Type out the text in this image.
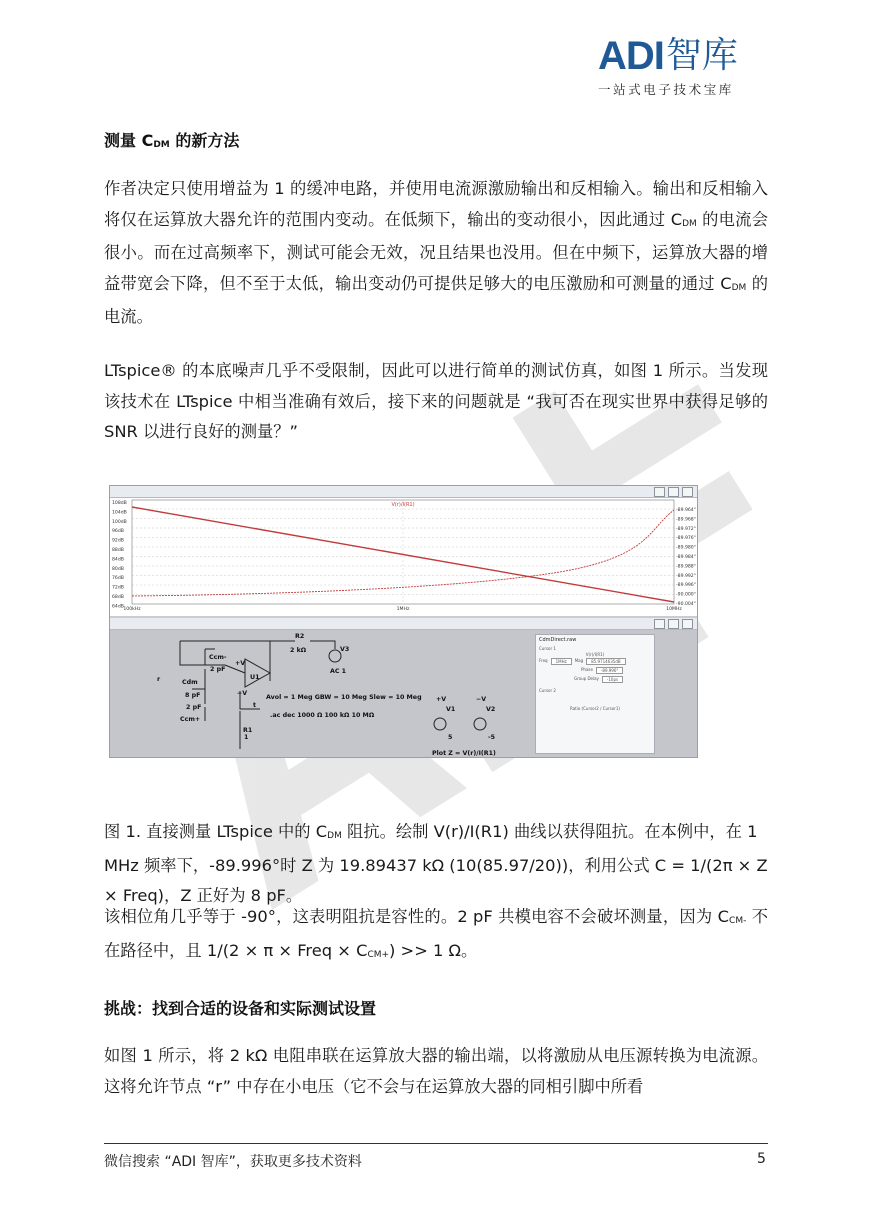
ADI 智库
一站式电子技术宝库
测量 $C_{DM}$ 的新方法

作者决定只使用增益为 1 的缓冲电路，并使用电流源激励输出和反相输入。输出和反相输入将仅在运算放大器允许的范围内变动。在低频下，输出的变动很小，因此通过 $C_{DM}$ 的电流会很小。而在过高频率下，测试可能会无效，况且结果也没用。但在中频下，运算放大器的增益带宽会下降，但不至于太低，输出变动仍可提供足够大的电压激励和可测量的通过 $C_{DM}$ 的电流。

LTspice® 的本底噪声几乎不受限制，因此可以进行简单的测试仿真，如图 1 所示。当发现该技术在 LTspice 中相当准确有效后，接下来的问题就是 “我可否在现实世界中获得足够的 SNR 以进行良好的测量？”

V(r)/I(R1)
108dB
104dB
100dB
96dB
92dB
88dB
84dB
80dB
76dB
72dB
68dB
64dB
-89.964°
-89.968°
-89.972°
-89.976°
-89.980°
-89.984°
-89.988°
-89.992°
-89.996°
-90.000°
-90.004°
100kHz	1MHz	10MHz
R2
2 kΩ	V3
AC 1
Ccm-
2 pF
Cdm
8 pF
2 pF
Ccm+
r
t
U1
+V
−V
Avol = 1 Meg GBW = 10 Meg Slew = 10 Meg
.ac dec 1000 Ω 100 kΩ 10 MΩ
R1
1
+V
V1
5
−V
V2
-5
Plot Z = V(r)/I(R1)
CdmDirect.raw
Cursor 1
V(r)/I(R1)
Freq	1MHz	Mag	85.9714635dB
Phase	-89.996°
Group Delay	-10ps
Cursor 2
Ratio (Cursor2 / Cursor1)
图 1. 直接测量 LTspice 中的 $C_{DM}$ 阻抗。绘制 V(r)/I(R1) 曲线以获得阻抗。在本例中，在 1 MHz 频率下，-89.996°时 Z 为 19.89437 kΩ (10(85.97/20))，利用公式 C = 1/(2π × Z × Freq)，Z 正好为 8 pF。

该相位角几乎等于 -90°，这表明阻抗是容性的。2 pF 共模电容不会破坏测量，因为 $C_{CM-}$ 不在路径中，且 1/(2 × π × Freq × $C_{CM+}) >> 1$ Ω。

挑战：找到合适的设备和实际测试设置

如图 1 所示，将 2 kΩ 电阻串联在运算放大器的输出端，以将激励从电压源转换为电流源。这将允许节点 “r” 中存在小电压（它不会与在运算放大器的同相引脚中所看

微信搜索 “ADI 智库”，获取更多技术资料	5
